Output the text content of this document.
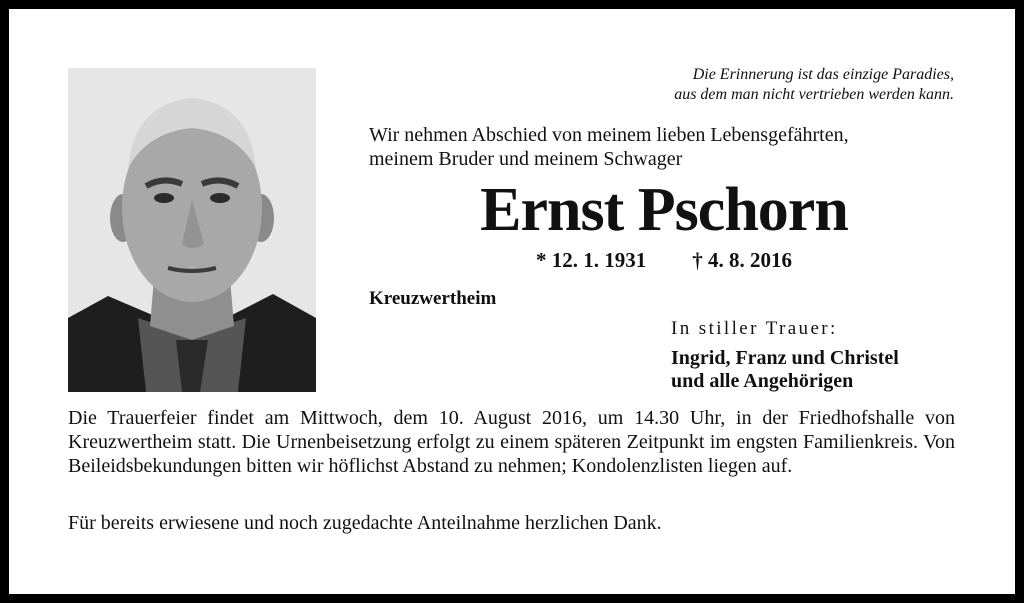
Die Erinnerung ist das einzige Paradies,
aus dem man nicht vertrieben werden kann.
Wir nehmen Abschied von meinem lieben Lebensgefährten,
meinem Bruder und meinem Schwager
Ernst Pschorn
* 12. 1. 1931 † 4. 8. 2016
Kreuzwertheim
In stiller Trauer:
Ingrid, Franz und Christel
und alle Angehörigen
Die Trauerfeier findet am Mittwoch, dem 10. August 2016, um 14.30 Uhr, in der Friedhofshalle von Kreuzwertheim statt. Die Urnenbeisetzung erfolgt zu einem späteren Zeitpunkt im engsten Familienkreis. Von Beileidsbekundungen bitten wir höflichst Abstand zu nehmen; Kondolenzlisten liegen auf.
Für bereits erwiesene und noch zugedachte Anteilnahme herzlichen Dank.
